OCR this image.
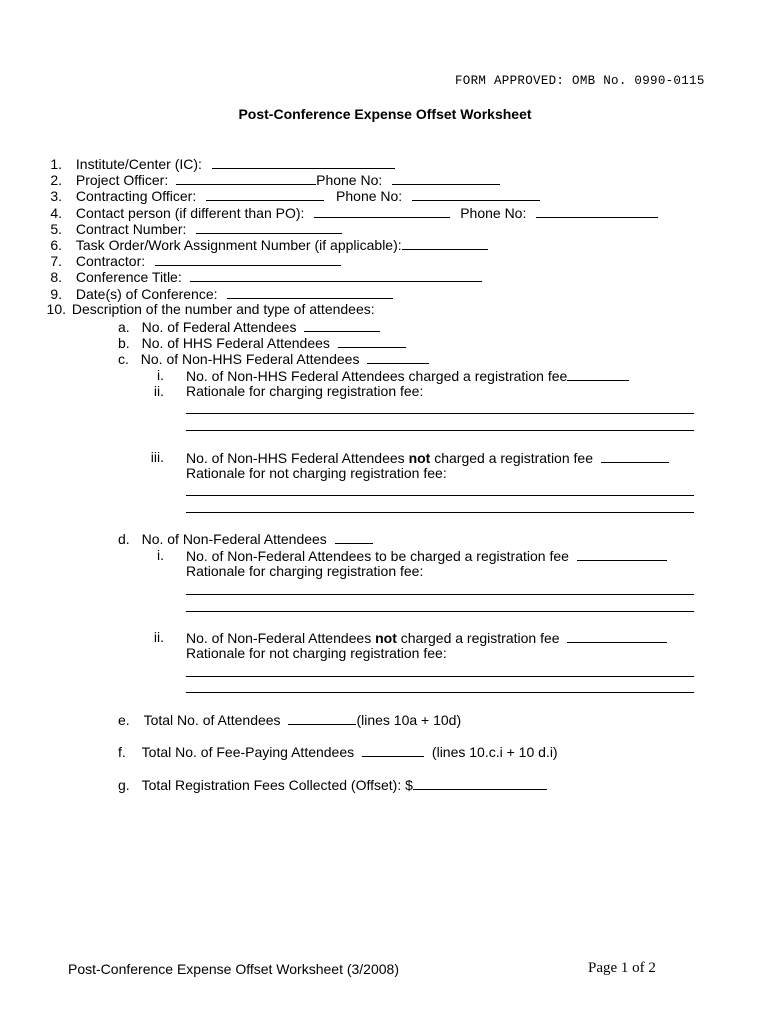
FORM APPROVED: OMB No. 0990-0115
Post-Conference Expense Offset Worksheet
1. Institute/Center (IC):
2. Project Officer:	Phone No:
3. Contracting Officer:	Phone No:
4. Contact person (if different than PO):	Phone No:
5. Contract Number:
6. Task Order/Work Assignment Number (if applicable):
7. Contractor:
8. Conference Title:
9. Date(s) of Conference:
10. Description of the number and type of attendees:
a. No. of Federal Attendees
b. No. of HHS Federal Attendees
c. No. of Non-HHS Federal Attendees
i. No. of Non-HHS Federal Attendees charged a registration fee
ii. Rationale for charging registration fee:
iii. No. of Non-HHS Federal Attendees not charged a registration fee
Rationale for not charging registration fee:
d. No. of Non-Federal Attendees
i. No. of Non-Federal Attendees to be charged a registration fee
Rationale for charging registration fee:
ii. No. of Non-Federal Attendees not charged a registration fee
Rationale for not charging registration fee:
e. Total No. of Attendees	(lines 10a + 10d)
f. Total No. of Fee-Paying Attendees	(lines 10.c.i + 10 d.i)
g. Total Registration Fees Collected (Offset): $
Post-Conference Expense Offset Worksheet (3/2008)	Page 1 of 2
